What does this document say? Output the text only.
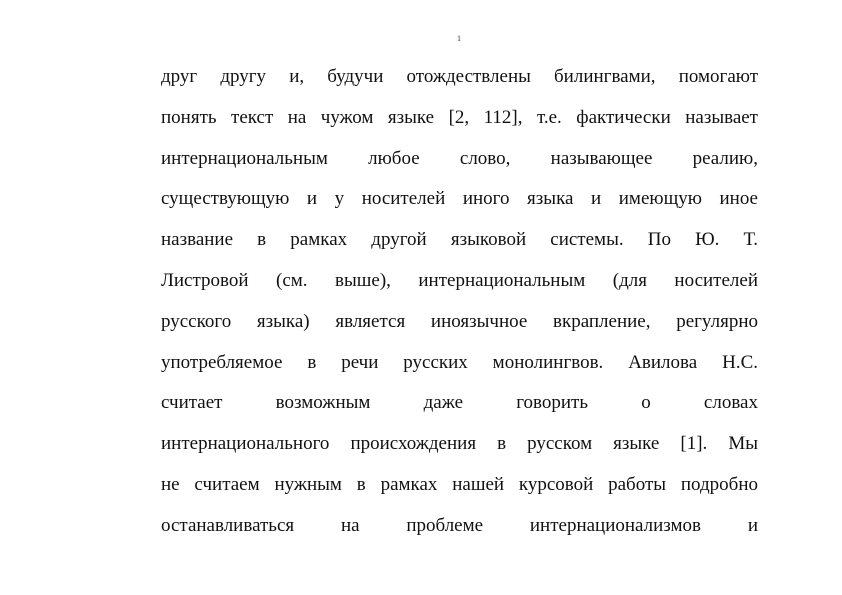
1
друг другу и, будучи отождествлены билингвами, помогают
понять текст на чужом языке [2, 112], т.е. фактически называет
интернациональным любое слово, называющее реалию,
существующую и у носителей иного языка и имеющую иное
название в рамках другой языковой системы. По Ю. Т.
Листровой (см. выше), интернациональным (для носителей
русского языка) является иноязычное вкрапление, регулярно
употребляемое в речи русских монолингвов. Авилова Н.С.
считает возможным даже говорить о словах
интернационального происхождения в русском языке [1]. Мы
не считаем нужным в рамках нашей курсовой работы подробно
останавливаться на проблеме интернационализмов и
